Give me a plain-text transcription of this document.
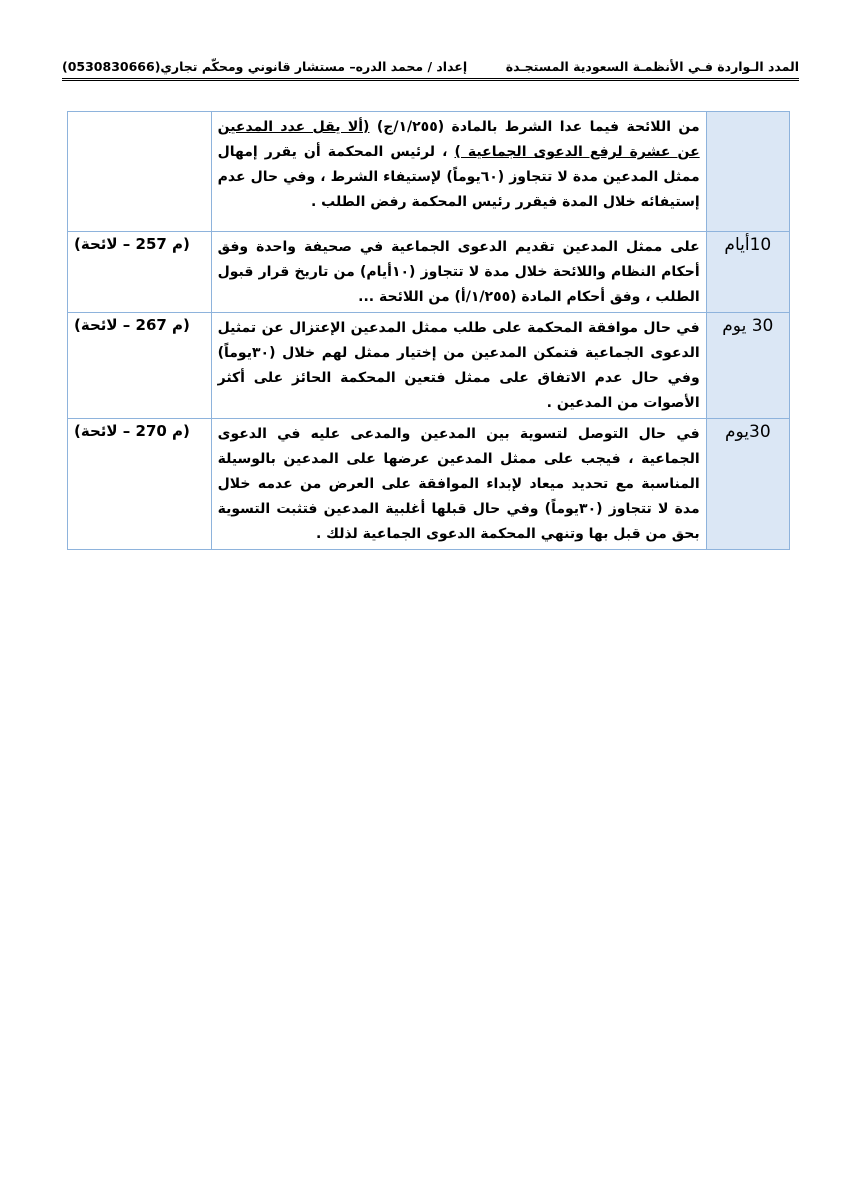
المدد الـواردة فـي الأنظمـة السعودية المستجـدة
إعداد / محمد الدره– مستشار قانوني ومحكّم تجاري(0530830666)
	من اللائحة فيما عدا الشرط بالمادة (١/٢٥٥/ج) (ألا يقل عدد المدعين عن عشرة لرفع الدعوى الجماعية ) ، لرئيس المحكمة أن يقرر إمهال ممثل المدعين مدة لا تتجاوز (٦٠يوماً) لإستيفاء الشرط ، وفي حال عدم إستيفائه خلال المدة فيقرر رئيس المحكمة رفض الطلب .	
10أيام	على ممثل المدعين تقديم الدعوى الجماعية في صحيفة واحدة وفق أحكام النظام واللائحة خلال مدة لا تتجاوز (١٠أيام) من تاريخ قرار قبول الطلب ، وفق أحكام المادة (١/٢٥٥/أ) من اللائحة ...	(م 257 – لائحة)
30 يوم	في حال موافقة المحكمة على طلب ممثل المدعين الإعتزال عن تمثيل الدعوى الجماعية فتمكن المدعين من إختيار ممثل لهم خلال (٣٠يوماً) وفي حال عدم الاتفاق على ممثل فتعين المحكمة الحائز على أكثر الأصوات من المدعين .	(م 267 – لائحة)
30يوم	في حال التوصل لتسوية بين المدعين والمدعى عليه في الدعوى الجماعية ، فيجب على ممثل المدعين عرضها على المدعين بالوسيلة المناسبة مع تحديد ميعاد لإبداء الموافقة على العرض من عدمه خلال مدة لا تتجاوز (٣٠يوماً) وفي حال قبلها أغلبية المدعين فتثبت التسوية بحق من قبل بها وتنهي المحكمة الدعوى الجماعية لذلك .	(م 270 – لائحة)
